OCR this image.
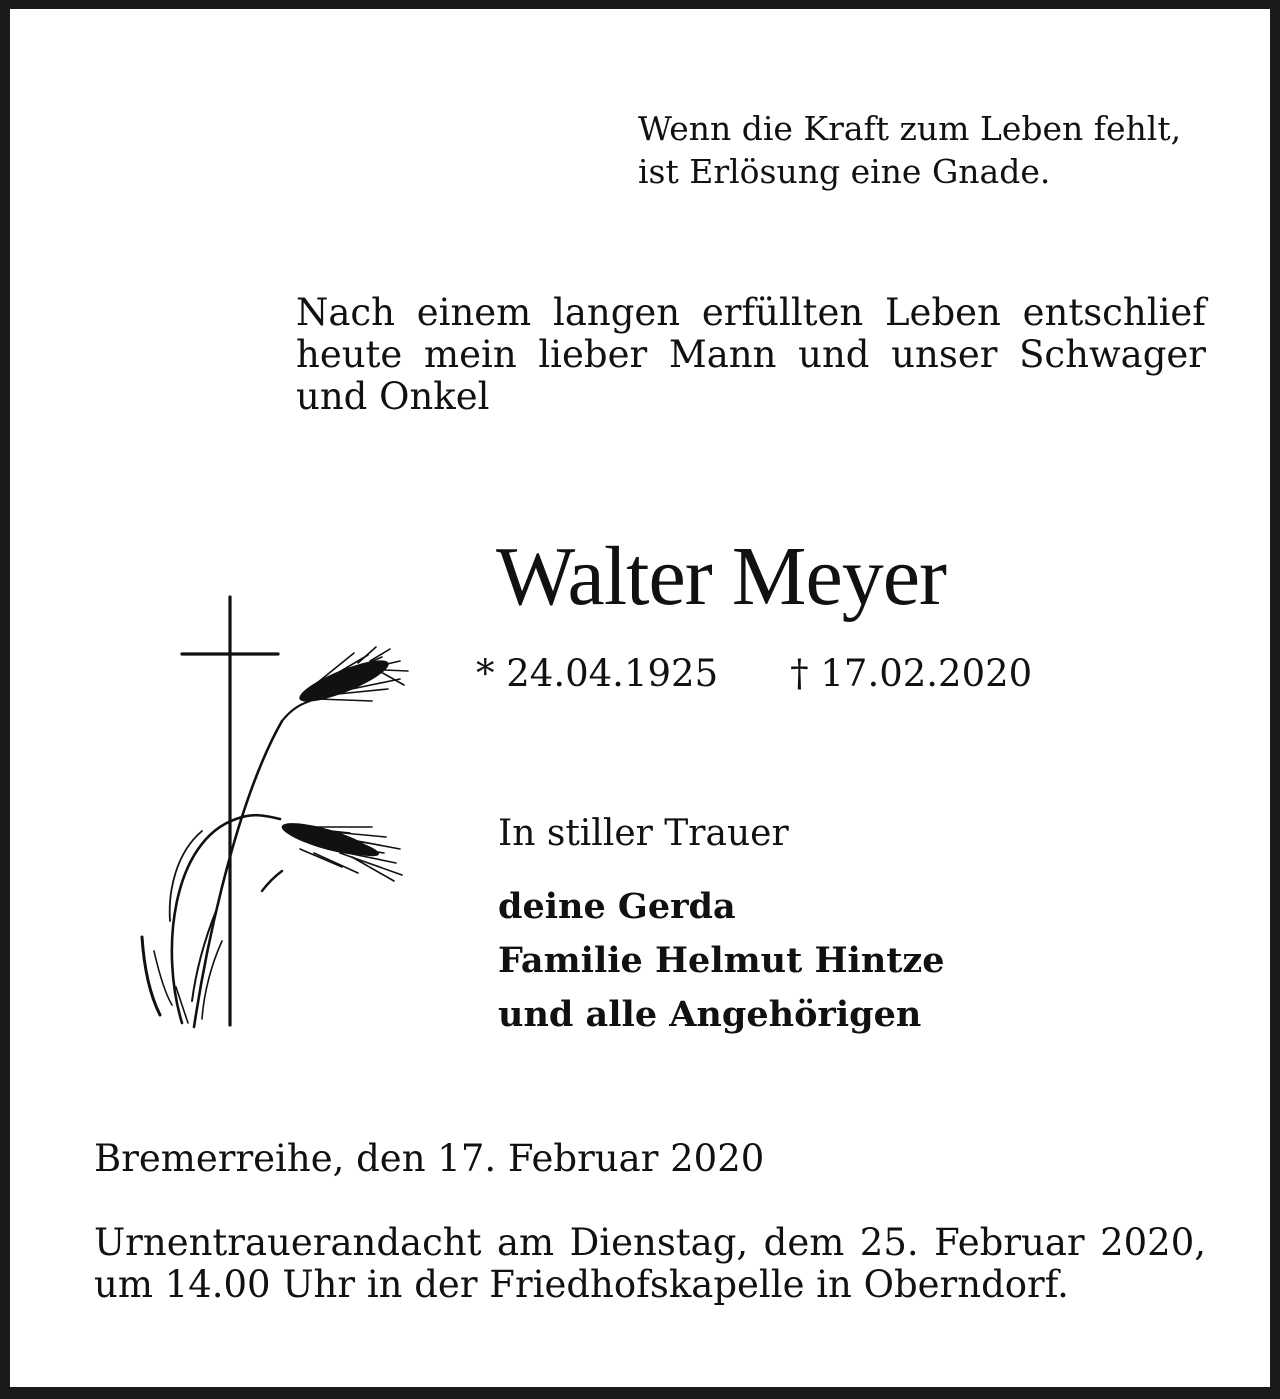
Wenn die Kraft zum Leben fehlt,
ist Erlösung eine Gnade.

Nach einem langen erfüllten Leben entschlief
heute mein lieber Mann und unser Schwager
und Onkel
Walter Meyer
* 24.04.1925 † 17.02.2020
In stiller Trauer
deine Gerda
Familie Helmut Hintze
und alle Angehörigen
Bremerreihe, den 17. Februar 2020
Urnentrauerandacht am Dienstag, dem 25. Februar 2020,
um 14.00 Uhr in der Friedhofskapelle in Oberndorf.
